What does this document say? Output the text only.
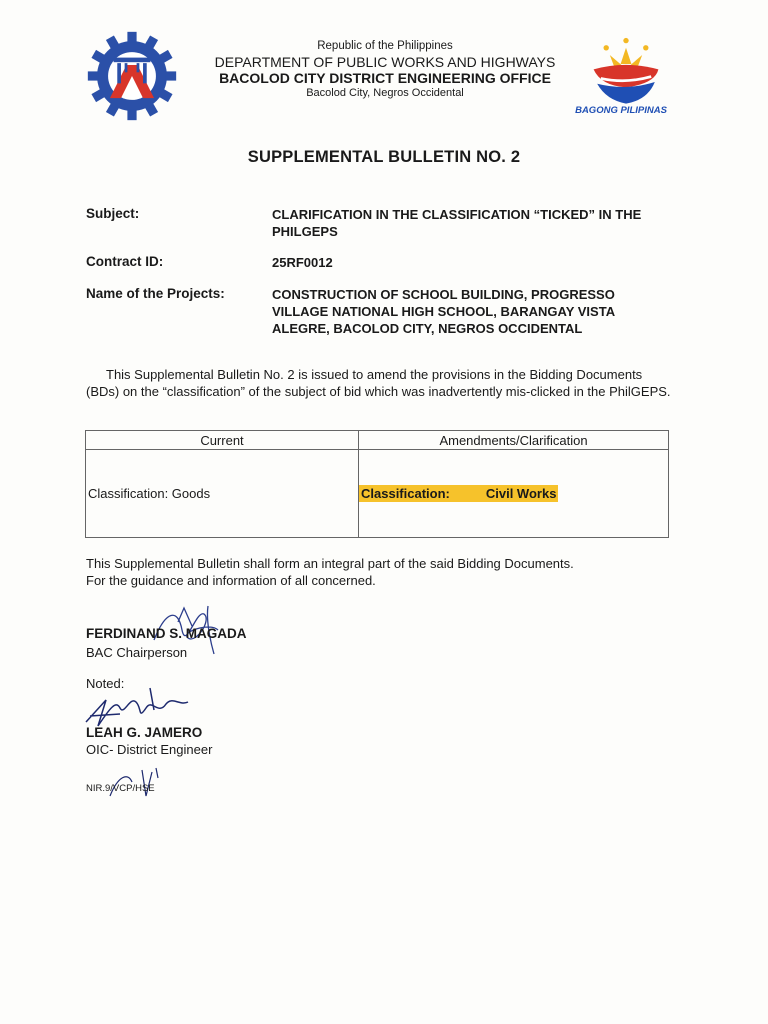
Republic of the Philippines
DEPARTMENT OF PUBLIC WORKS AND HIGHWAYS
BACOLOD CITY DISTRICT ENGINEERING OFFICE
Bacolod City, Negros Occidental
BAGONG PILIPINAS
SUPPLEMENTAL BULLETIN NO. 2
Subject:	CLARIFICATION IN THE CLASSIFICATION “TICKED” IN THE PHILGEPS
Contract ID:	25RF0012
Name of the Projects:	CONSTRUCTION OF SCHOOL BUILDING, PROGRESSO VILLAGE NATIONAL HIGH SCHOOL, BARANGAY VISTA ALEGRE, BACOLOD CITY, NEGROS OCCIDENTAL
This Supplemental Bulletin No. 2 is issued to amend the provisions in the Bidding Documents (BDs) on the “classification” of the subject of bid which was inadvertently mis-clicked in the PhilGEPS.
Current	Amendments/Clarification
Classification: Goods	Classification: Civil Works
This Supplemental Bulletin shall form an integral part of the said Bidding Documents.
For the guidance and information of all concerned.
FERDINAND S. MAGADA
BAC Chairperson
Noted:
LEAH G. JAMERO
OIC- District Engineer
NIR.9/VCP/HSE
